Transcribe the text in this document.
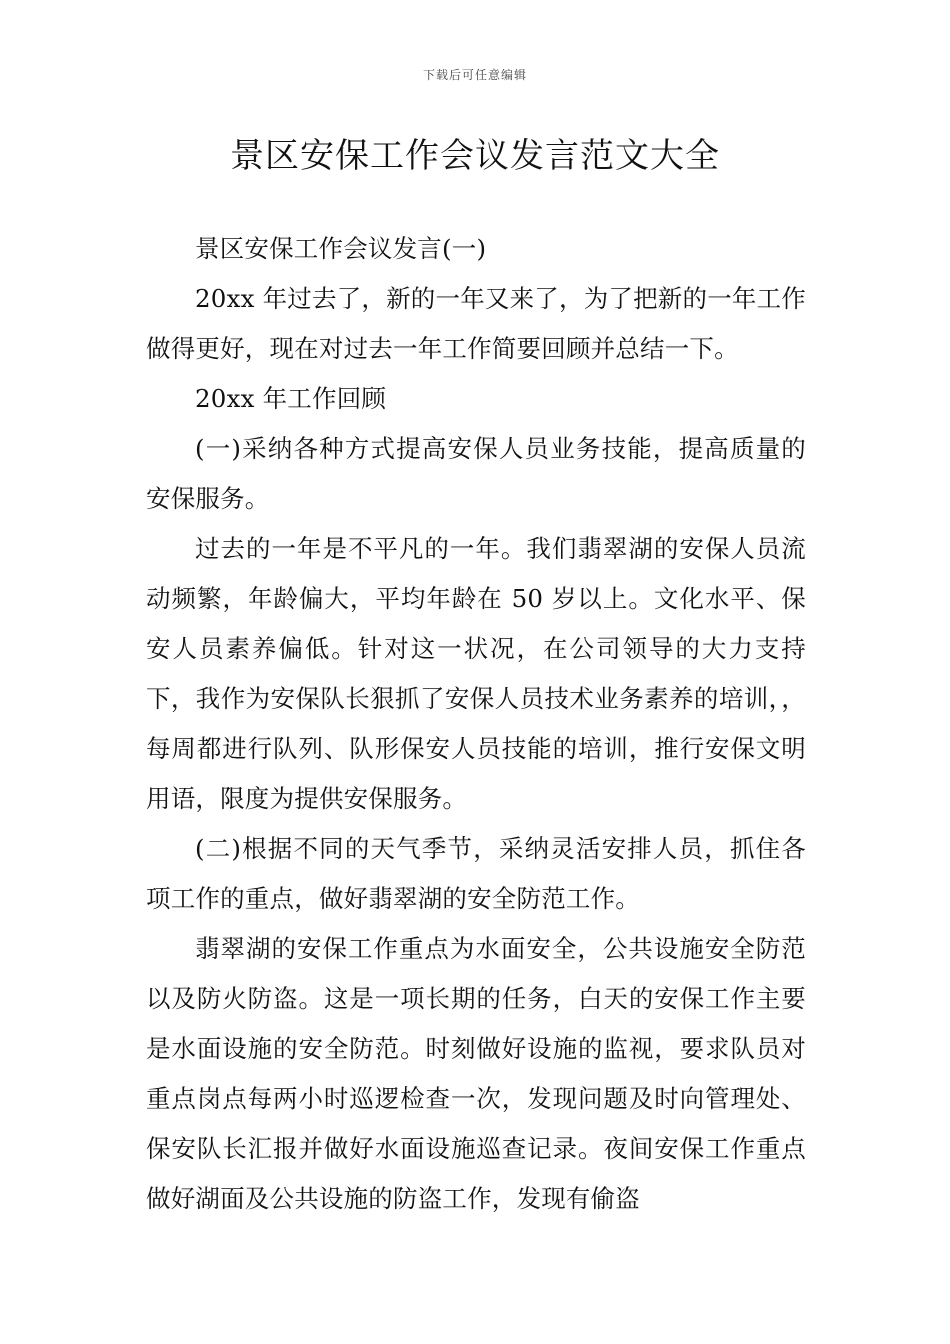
下载后可任意编辑
景区安保工作会议发言范文大全

景区安保工作会议发言(一)

20xx 年过去了，新的一年又来了，为了把新的一年工作做得更好，现在对过去一年工作简要回顾并总结一下。

20xx 年工作回顾

(一)采纳各种方式提高安保人员业务技能，提高质量的安保服务。

过去的一年是不平凡的一年。我们翡翠湖的安保人员流动频繁，年龄偏大，平均年龄在 50 岁以上。文化水平、保安人员素养偏低。针对这一状况，在公司领导的大力支持下，我作为安保队长狠抓了安保人员技术业务素养的培训，，每周都进行队列、队形保安人员技能的培训，推行安保文明用语，限度为提供安保服务。

(二)根据不同的天气季节，采纳灵活安排人员，抓住各项工作的重点，做好翡翠湖的安全防范工作。

翡翠湖的安保工作重点为水面安全，公共设施安全防范以及防火防盗。这是一项长期的任务，白天的安保工作主要是水面设施的安全防范。时刻做好设施的监视，要求队员对重点岗点每两小时巡逻检查一次，发现问题及时向管理处、保安队长汇报并做好水面设施巡查记录。夜间安保工作重点做好湖面及公共设施的防盗工作，发现有偷盗
